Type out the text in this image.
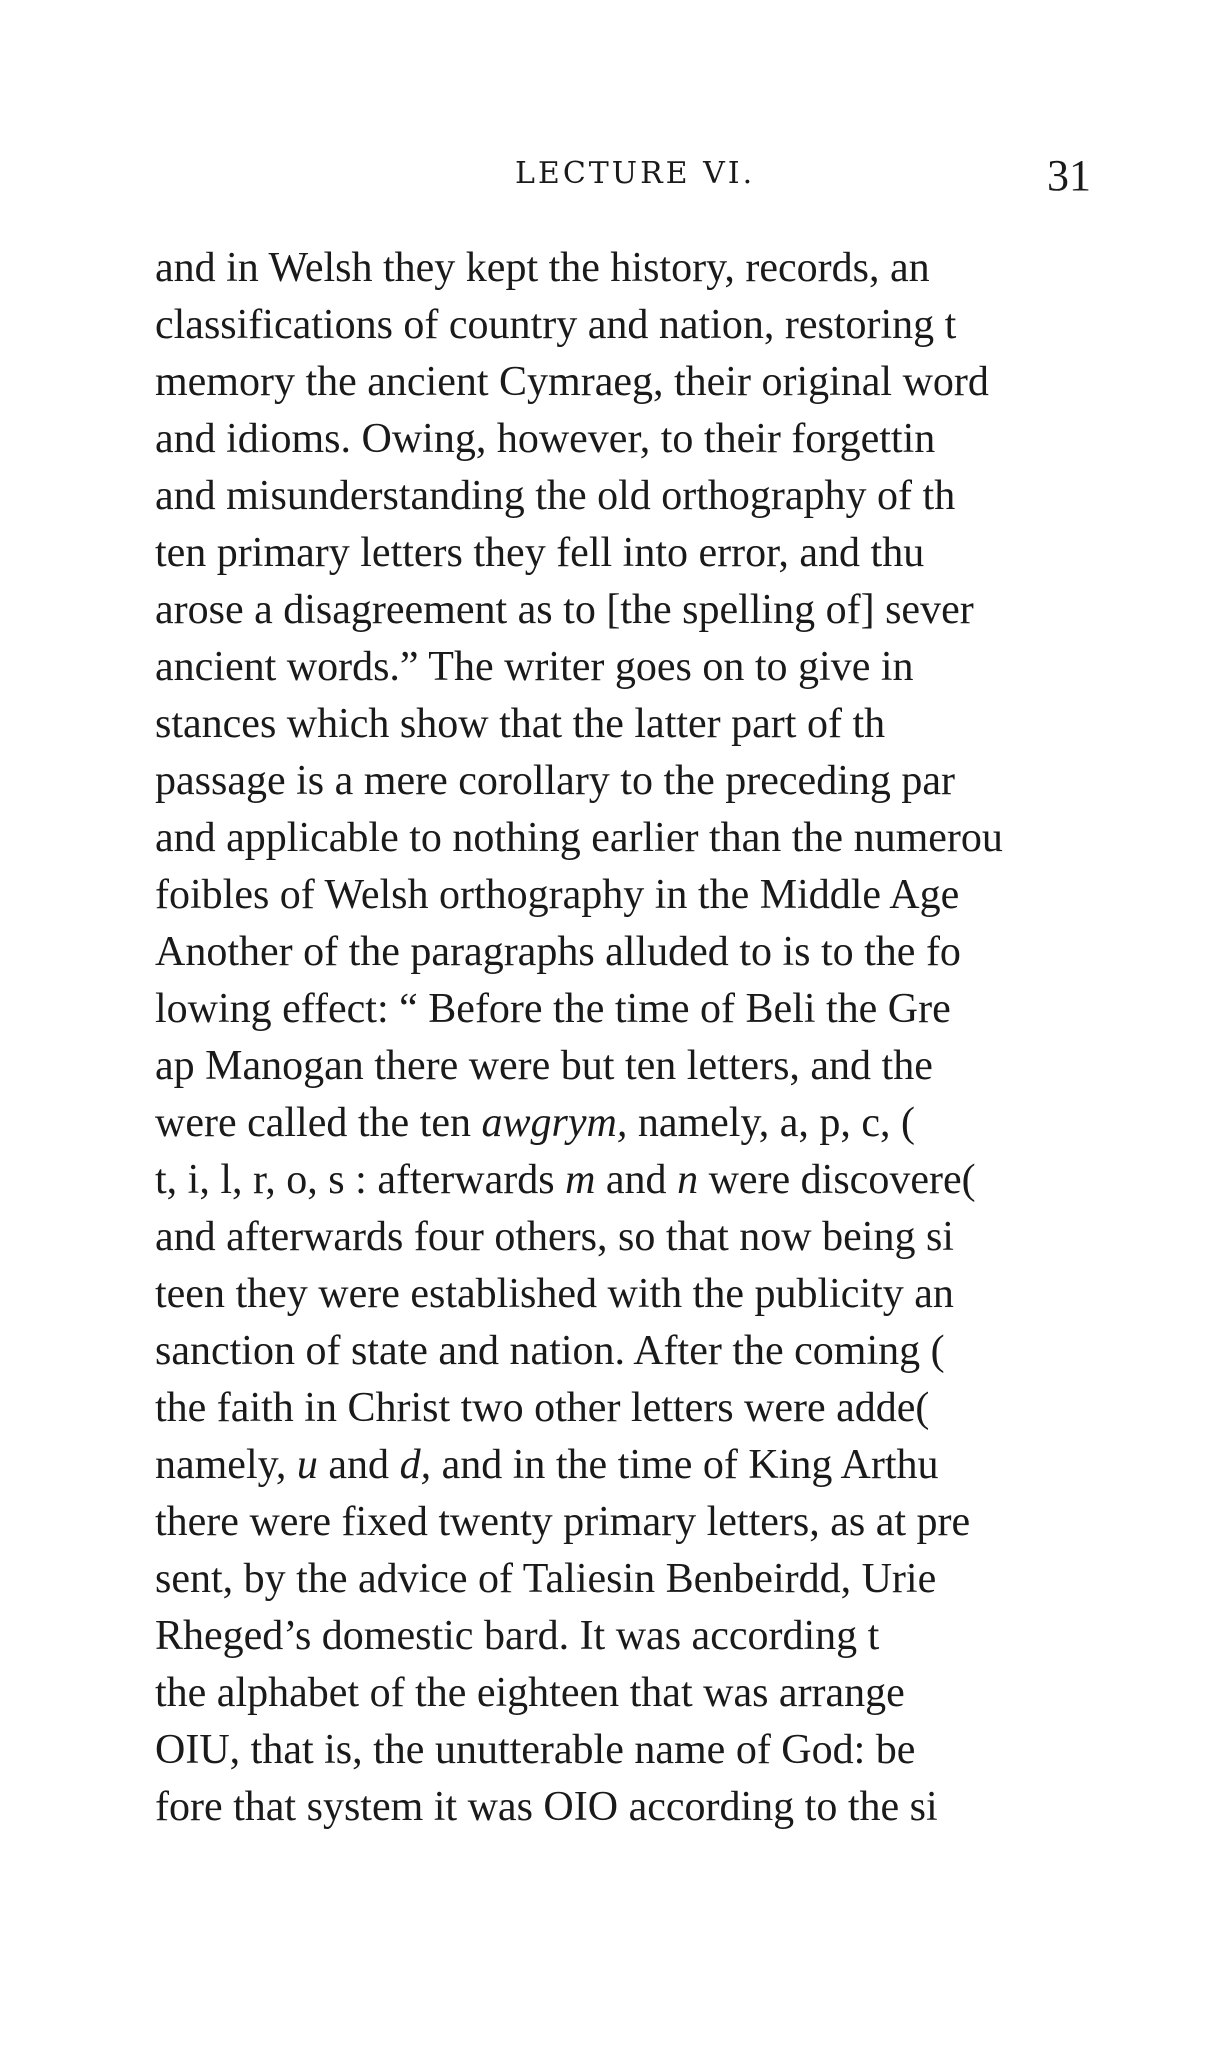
LECTURE VI.	31
and in Welsh they kept the history, records, an
classifications of country and nation, restoring t
memory the ancient Cymraeg, their original word
and idioms. Owing, however, to their forgettin
and misunderstanding the old orthography of th
ten primary letters they fell into error, and thu
arose a disagreement as to [the spelling of] sever
ancient words.” The writer goes on to give in
stances which show that the latter part of th
passage is a mere corollary to the preceding par
and applicable to nothing earlier than the numerou
foibles of Welsh orthography in the Middle Age
Another of the paragraphs alluded to is to the fo
lowing effect: “ Before the time of Beli the Gre
ap Manogan there were but ten letters, and the
were called the ten awgrym, namely, a, p, c, (
t, i, l, r, o, s : afterwards m and n were discovere(
and afterwards four others, so that now being si
teen they were established with the publicity an
sanction of state and nation. After the coming (
the faith in Christ two other letters were adde(
namely, u and d, and in the time of King Arthu
there were fixed twenty primary letters, as at pre
sent, by the advice of Taliesin Benbeirdd, Urie
Rheged’s domestic bard. It was according t
the alphabet of the eighteen that was arrange
OIU, that is, the unutterable name of God: be
fore that system it was OIO according to the si
